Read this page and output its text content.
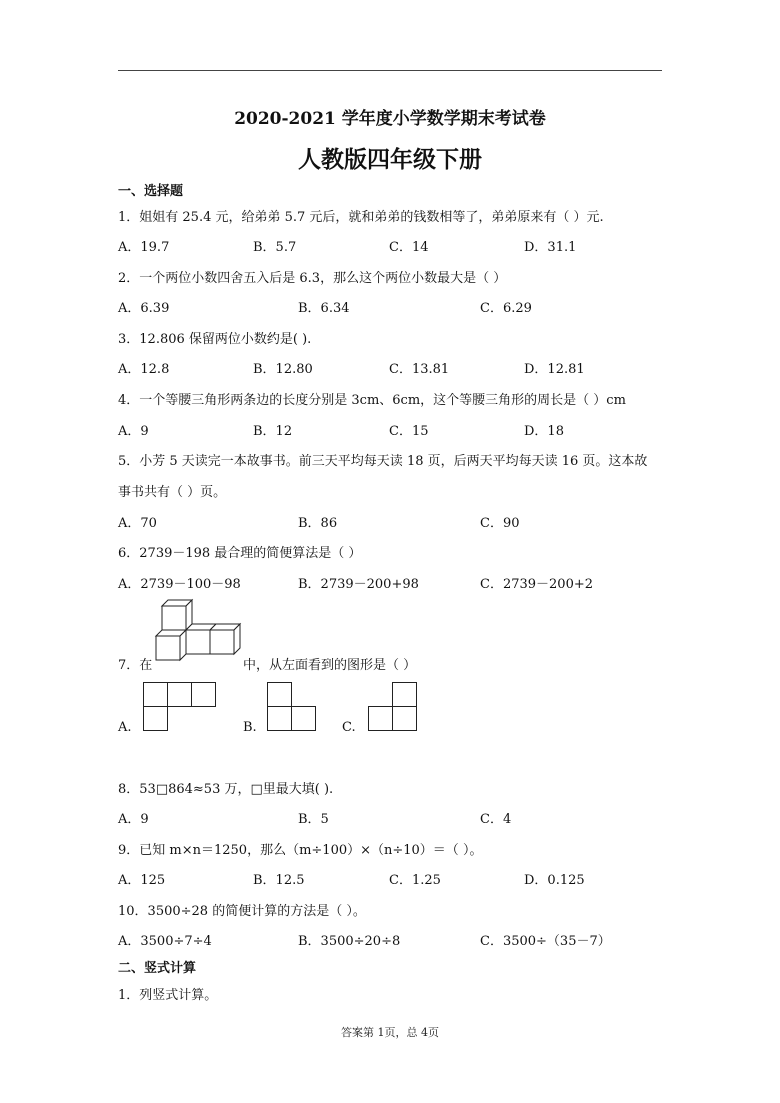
2020-2021 学年度小学数学期末考试卷
人教版四年级下册
一、选择题
1．姐姐有 25.4 元，给弟弟 5.7 元后，就和弟弟的钱数相等了，弟弟原来有（ ）元.
A．19.7	B．5.7	C．14	D．31.1
2．一个两位小数四舍五入后是 6.3，那么这个两位小数最大是（ ）
A．6.39	B．6.34	C．6.29
3．12.806 保留两位小数约是( ).
A．12.8	B．12.80	C．13.81	D．12.81
4．一个等腰三角形两条边的长度分别是 3cm、6cm，这个等腰三角形的周长是（ ）cm
A．9	B．12	C．15	D．18
5．小芳 5 天读完一本故事书。前三天平均每天读 18 页，后两天平均每天读 16 页。这本故
事书共有（ ）页。
A．70	B．86	C．90
6．2739－198 最合理的简便算法是（ ）
A．2739－100－98	B．2739－200+98	C．2739－200+2
7．在	中，从左面看到的图形是（ ）
A.	B.	C.
8．53□864≈53 万，□里最大填( ).
A．9	B．5	C．4
9．已知 m×n＝1250，那么（m÷100）×（n÷10）＝（ ）。
A．125	B．12.5	C．1.25	D．0.125
10．3500÷28 的简便计算的方法是（ ）。
A．3500÷7÷4	B．3500÷20÷8	C．3500÷（35－7）
二、竖式计算
1．列竖式计算。
答案第 1页，总 4页
